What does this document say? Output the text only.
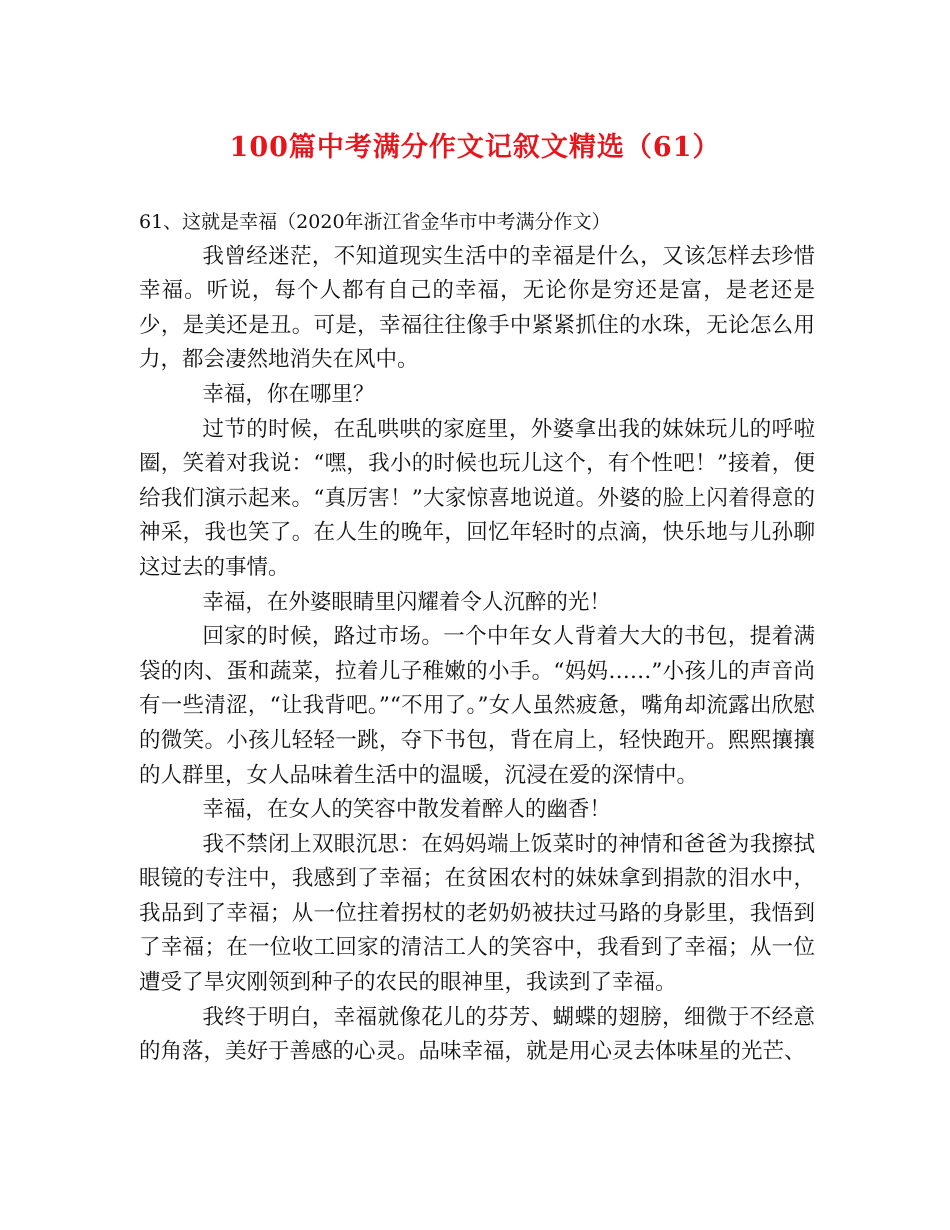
100篇中考满分作文记叙文精选（61）

61、这就是幸福（2020年浙江省金华市中考满分作文）

我曾经迷茫，不知道现实生活中的幸福是什么，又该怎样去珍惜幸福。听说，每个人都有自己的幸福，无论你是穷还是富，是老还是少，是美还是丑。可是，幸福往往像手中紧紧抓住的水珠，无论怎么用力，都会凄然地消失在风中。

幸福，你在哪里？

过节的时候，在乱哄哄的家庭里，外婆拿出我的妹妹玩儿的呼啦圈，笑着对我说：“嘿，我小的时候也玩儿这个，有个性吧！”接着，便给我们演示起来。“真厉害！”大家惊喜地说道。外婆的脸上闪着得意的神采，我也笑了。在人生的晚年，回忆年轻时的点滴，快乐地与儿孙聊这过去的事情。

幸福，在外婆眼睛里闪耀着令人沉醉的光！

回家的时候，路过市场。一个中年女人背着大大的书包，提着满袋的肉、蛋和蔬菜，拉着儿子稚嫩的小手。“妈妈……”小孩儿的声音尚有一些清涩，“让我背吧。”“不用了。”女人虽然疲惫，嘴角却流露出欣慰的微笑。小孩儿轻轻一跳，夺下书包，背在肩上，轻快跑开。熙熙攘攘的人群里，女人品味着生活中的温暖，沉浸在爱的深情中。

幸福，在女人的笑容中散发着醉人的幽香！

我不禁闭上双眼沉思：在妈妈端上饭菜时的神情和爸爸为我擦拭眼镜的专注中，我感到了幸福；在贫困农村的妹妹拿到捐款的泪水中，我品到了幸福；从一位拄着拐杖的老奶奶被扶过马路的身影里，我悟到了幸福；在一位收工回家的清洁工人的笑容中，我看到了幸福；从一位遭受了旱灾刚领到种子的农民的眼神里，我读到了幸福。

我终于明白，幸福就像花儿的芬芳、蝴蝶的翅膀，细微于不经意的角落，美好于善感的心灵。品味幸福，就是用心灵去体味星的光芒、
